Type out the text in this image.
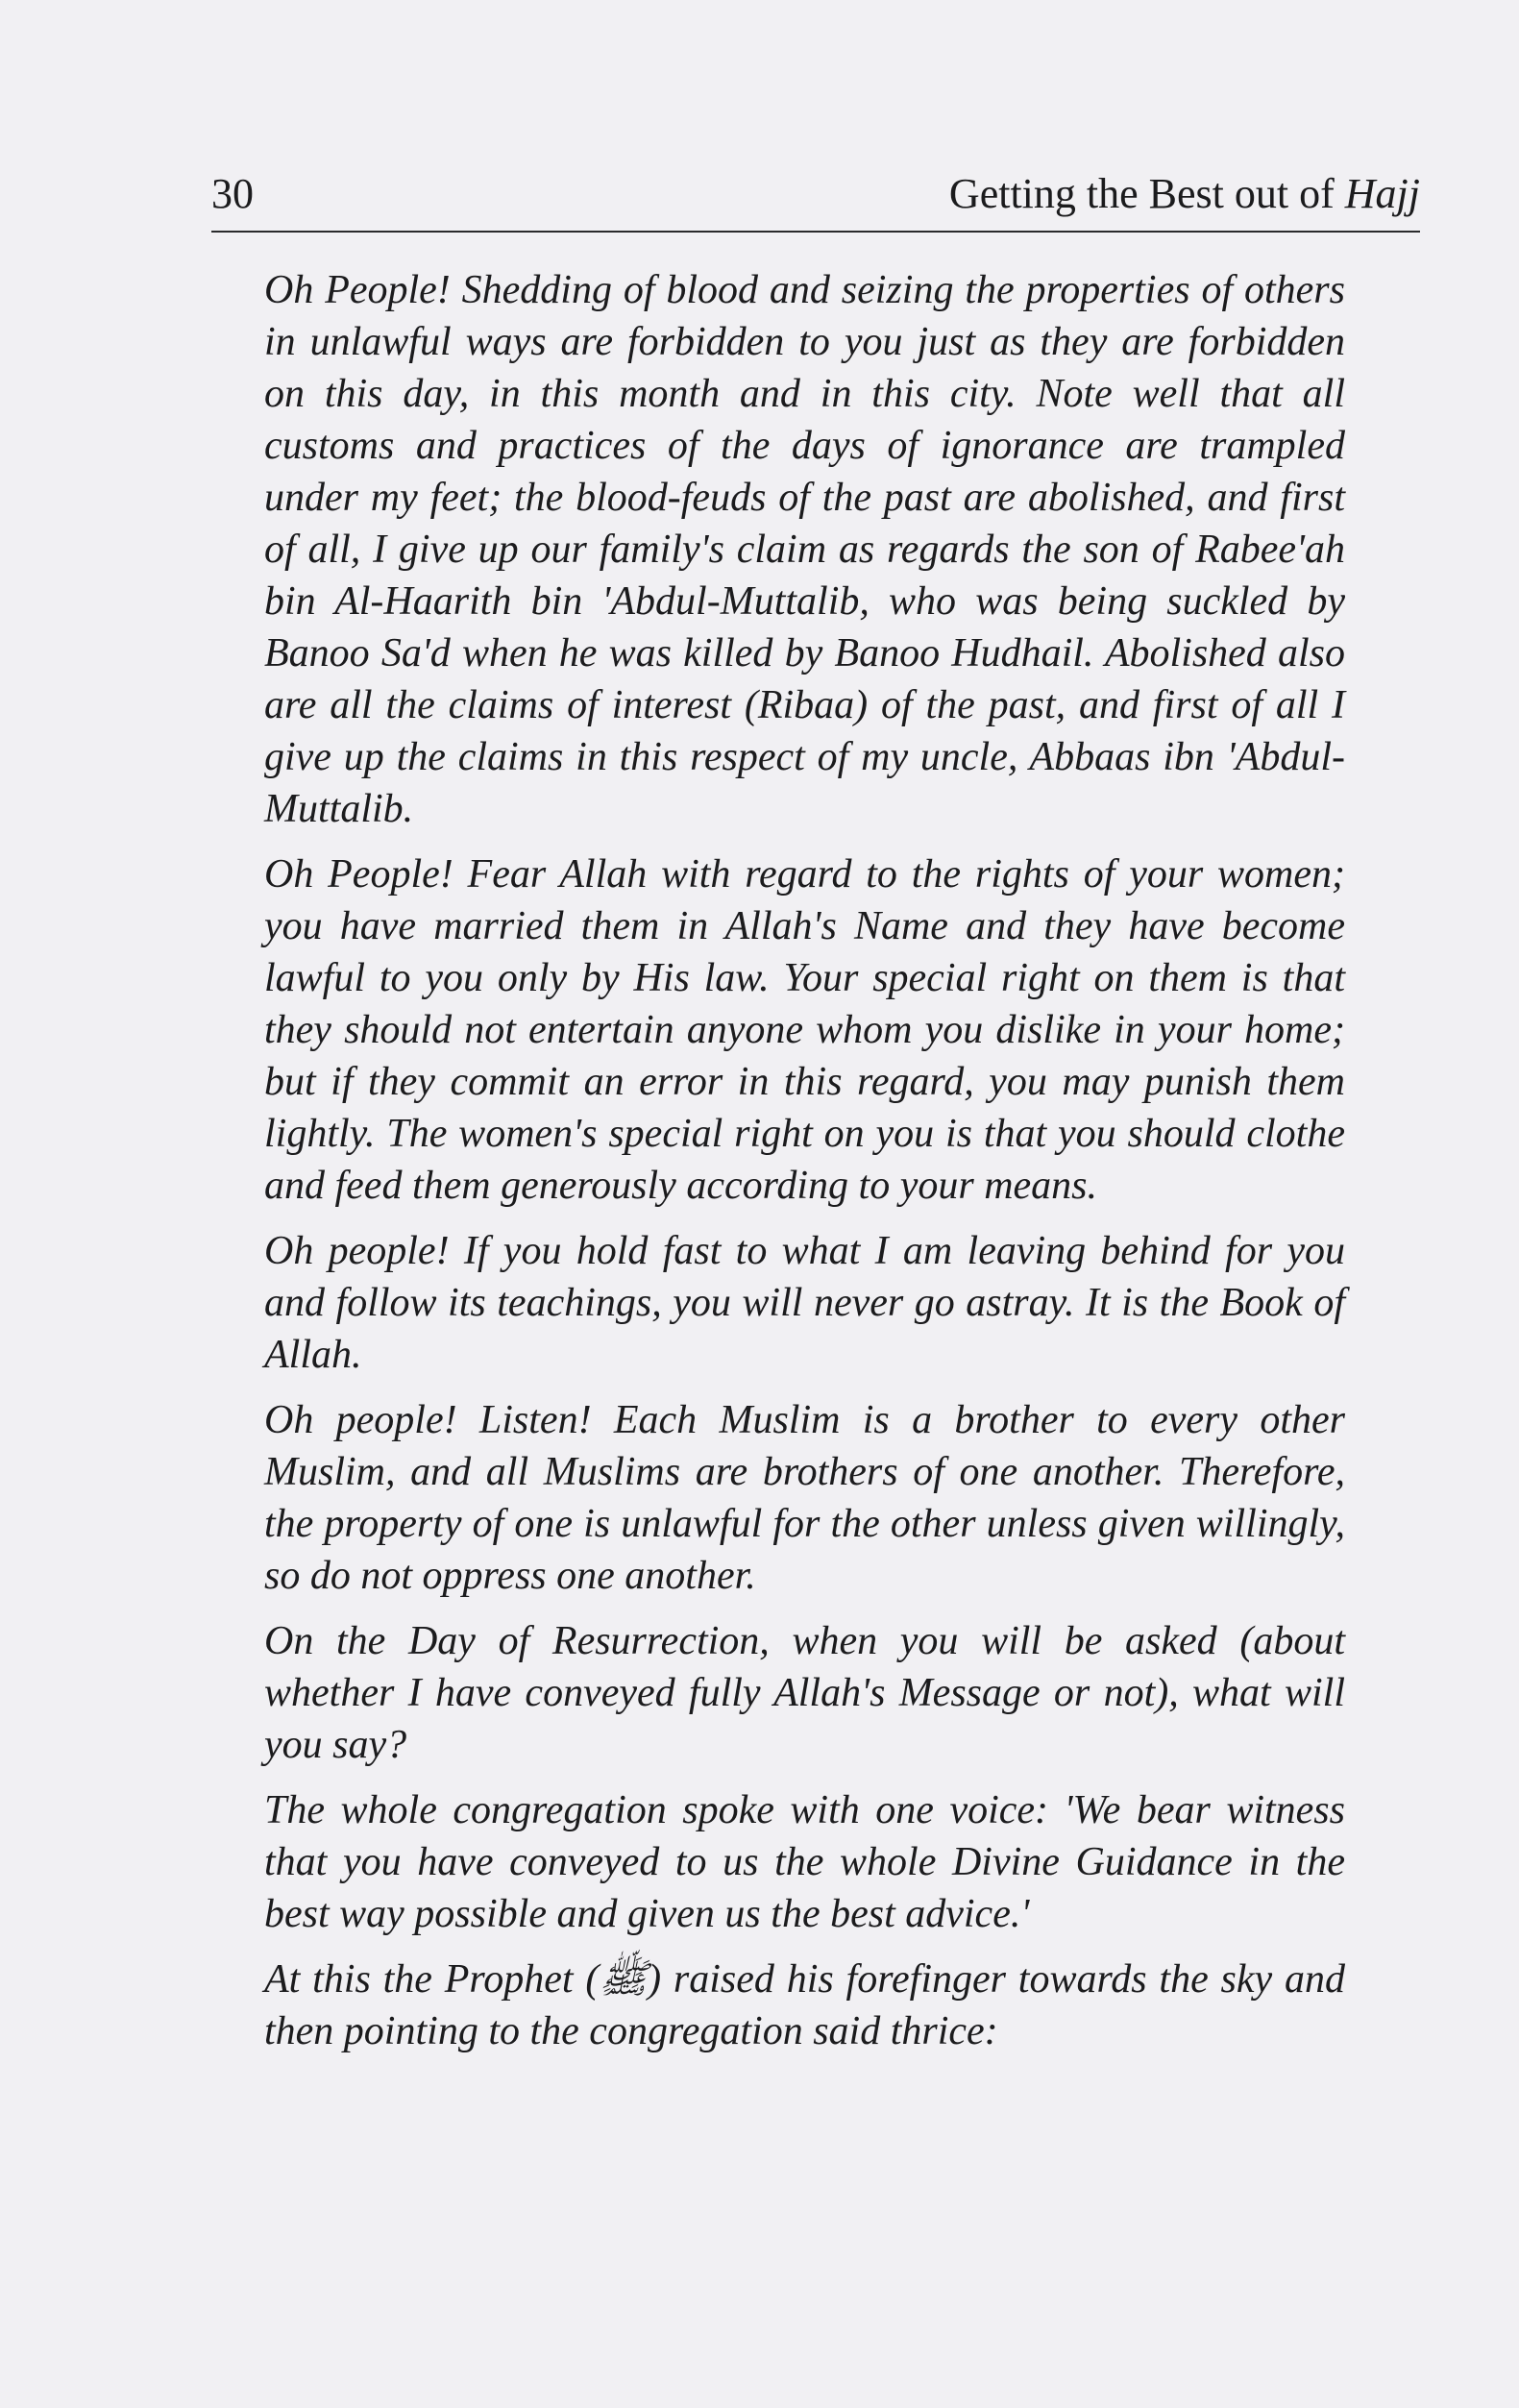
30	Getting the Best out of Hajj

Oh People! Shedding of blood and seizing the properties of others in unlawful ways are forbidden to you just as they are forbidden on this day, in this month and in this city. Note well that all customs and practices of the days of ignorance are trampled under my feet; the blood-feuds of the past are abolished, and first of all, I give up our family's claim as regards the son of Rabee'ah bin Al-Haarith bin 'Abdul-Muttalib, who was being suckled by Banoo Sa'd when he was killed by Banoo Hudhail. Abolished also are all the claims of interest (Ribaa) of the past, and first of all I give up the claims in this respect of my uncle, Abbaas ibn 'Abdul-Muttalib.

Oh People! Fear Allah with regard to the rights of your women; you have married them in Allah's Name and they have become lawful to you only by His law. Your special right on them is that they should not entertain anyone whom you dislike in your home; but if they commit an error in this regard, you may punish them lightly. The women's special right on you is that you should clothe and feed them generously according to your means.

Oh people! If you hold fast to what I am leaving behind for you and follow its teachings, you will never go astray. It is the Book of Allah.

Oh people! Listen! Each Muslim is a brother to every other Muslim, and all Muslims are brothers of one another. Therefore, the property of one is unlawful for the other unless given willingly, so do not oppress one another.

On the Day of Resurrection, when you will be asked (about whether I have conveyed fully Allah's Message or not), what will you say?

The whole congregation spoke with one voice: 'We bear witness that you have conveyed to us the whole Divine Guidance in the best way possible and given us the best advice.'

At this the Prophet (ﷺ) raised his forefinger towards the sky and then pointing to the congregation said thrice:
